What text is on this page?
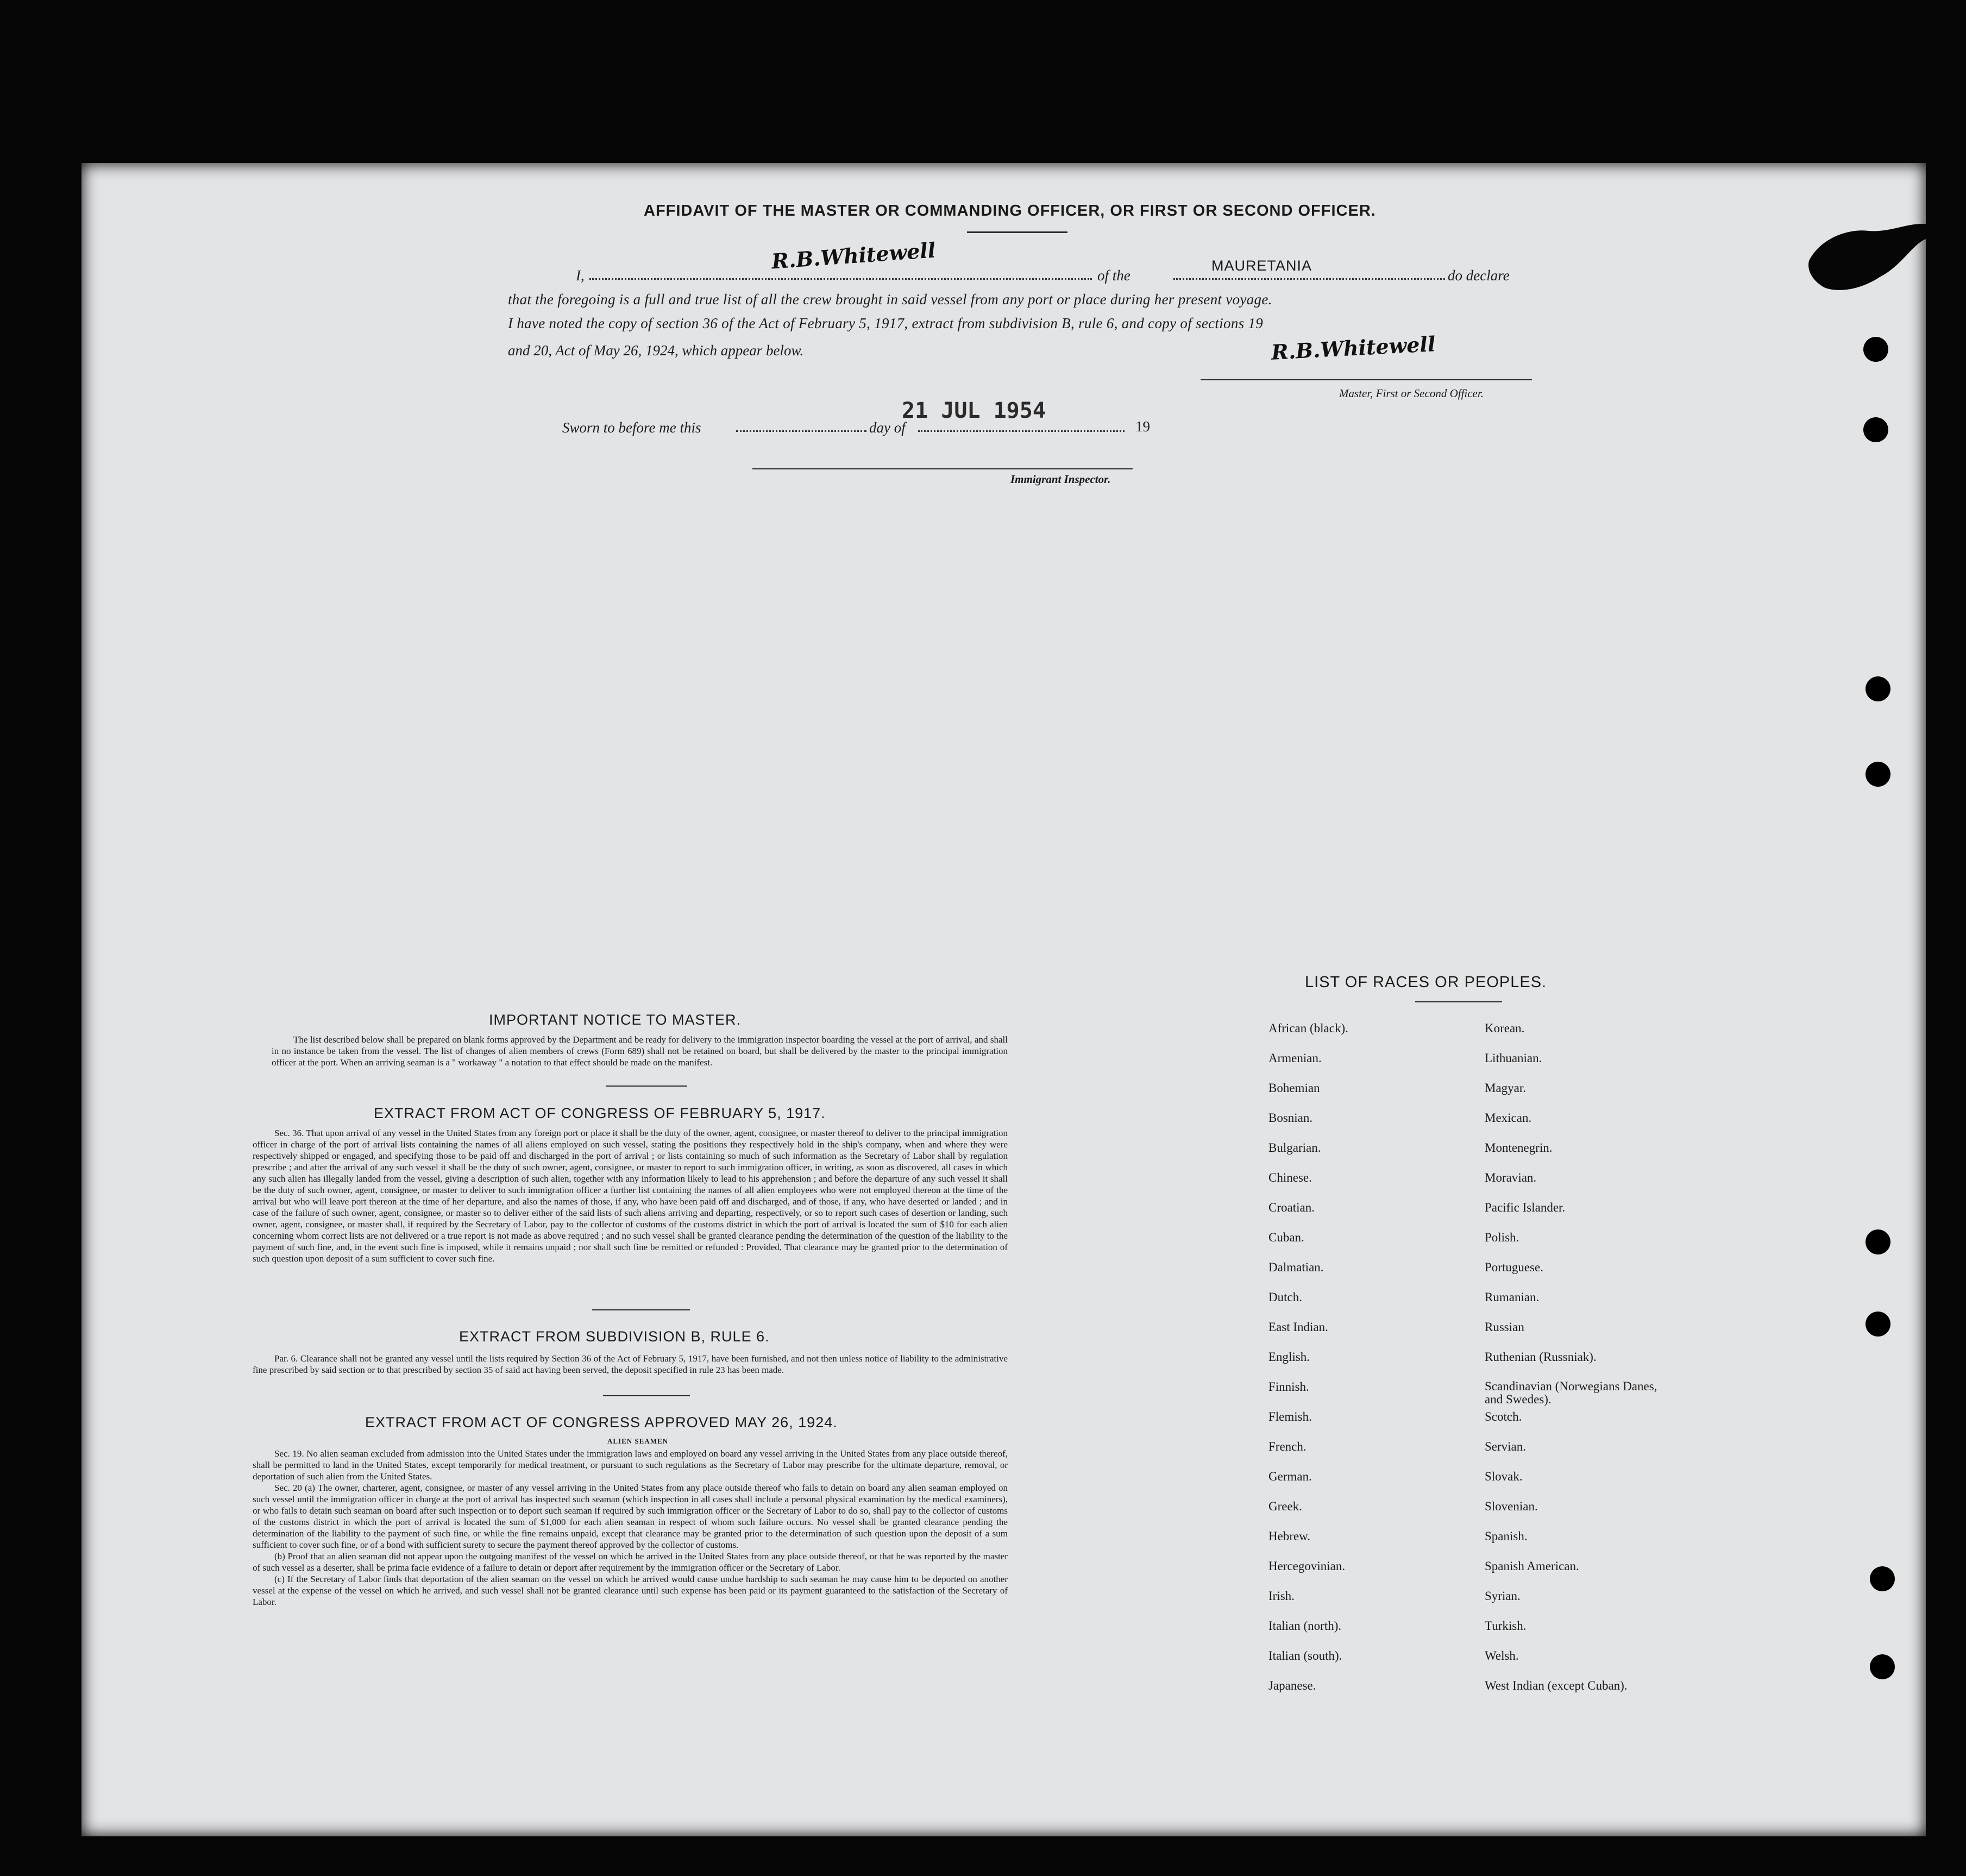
AFFIDAVIT OF THE MASTER OR COMMANDING OFFICER, OR FIRST OR SECOND OFFICER.
I,
R.B.Whitewell
of the
MAURETANIA
do declare
that the foregoing is a full and true list of all the crew brought in said vessel from any port or place during her present voyage.
I have noted the copy of section 36 of the Act of February 5, 1917, extract from subdivision B, rule 6, and copy of sections 19
and 20, Act of May 26, 1924, which appear below.	R.B.Whitewell
Master, First or Second Officer.
Sworn to before me this	day of
21 JUL 1954
19
Immigrant Inspector.
IMPORTANT NOTICE TO MASTER.

The list described below shall be prepared on blank forms approved by the Department and be ready for delivery to the immigration inspector boarding the vessel at the port of arrival, and shall in no instance be taken from the vessel. The list of changes of alien members of crews (Form 689) shall not be retained on board, but shall be delivered by the master to the principal immigration officer at the port. When an arriving seaman is a " workaway " a notation to that effect should be made on the manifest.

EXTRACT FROM ACT OF CONGRESS OF FEBRUARY 5, 1917.

Sec. 36. That upon arrival of any vessel in the United States from any foreign port or place it shall be the duty of the owner, agent, consignee, or master thereof to deliver to the principal immigration officer in charge of the port of arrival lists containing the names of all aliens employed on such vessel, stating the positions they respectively hold in the ship's company, when and where they were respectively shipped or engaged, and specifying those to be paid off and discharged in the port of arrival ; or lists containing so much of such information as the Secretary of Labor shall by regulation prescribe ; and after the arrival of any such vessel it shall be the duty of such owner, agent, consignee, or master to report to such immigration officer, in writing, as soon as discovered, all cases in which any such alien has illegally landed from the vessel, giving a description of such alien, together with any information likely to lead to his apprehension ; and before the departure of any such vessel it shall be the duty of such owner, agent, consignee, or master to deliver to such immigration officer a further list containing the names of all alien employees who were not employed thereon at the time of the arrival but who will leave port thereon at the time of her departure, and also the names of those, if any, who have been paid off and discharged, and of those, if any, who have deserted or landed ; and in case of the failure of such owner, agent, consignee, or master so to deliver either of the said lists of such aliens arriving and departing, respectively, or so to report such cases of desertion or landing, such owner, agent, consignee, or master shall, if required by the Secretary of Labor, pay to the collector of customs of the customs district in which the port of arrival is located the sum of $10 for each alien concerning whom correct lists are not delivered or a true report is not made as above required ; and no such vessel shall be granted clearance pending the determination of the question of the liability to the payment of such fine, and, in the event such fine is imposed, while it remains unpaid ; nor shall such fine be remitted or refunded : Provided, That clearance may be granted prior to the determination of such question upon deposit of a sum sufficient to cover such fine.

EXTRACT FROM SUBDIVISION B, RULE 6.

Par. 6. Clearance shall not be granted any vessel until the lists required by Section 36 of the Act of February 5, 1917, have been furnished, and not then unless notice of liability to the administrative fine prescribed by said section or to that prescribed by section 35 of said act having been served, the deposit specified in rule 23 has been made.

EXTRACT FROM ACT OF CONGRESS APPROVED MAY 26, 1924.
ALIEN SEAMEN

Sec. 19. No alien seaman excluded from admission into the United States under the immigration laws and employed on board any vessel arriving in the United States from any place outside thereof, shall be permitted to land in the United States, except temporarily for medical treatment, or pursuant to such regulations as the Secretary of Labor may prescribe for the ultimate departure, removal, or deportation of such alien from the United States.

Sec. 20 (a) The owner, charterer, agent, consignee, or master of any vessel arriving in the United States from any place outside thereof who fails to detain on board any alien seaman employed on such vessel until the immigration officer in charge at the port of arrival has inspected such seaman (which inspection in all cases shall include a personal physical examination by the medical examiners), or who fails to detain such seaman on board after such inspection or to deport such seaman if required by such immigration officer or the Secretary of Labor to do so, shall pay to the collector of customs of the customs district in which the port of arrival is located the sum of $1,000 for each alien seaman in respect of whom such failure occurs. No vessel shall be granted clearance pending the determination of the liability to the payment of such fine, or while the fine remains unpaid, except that clearance may be granted prior to the determination of such question upon the deposit of a sum sufficient to cover such fine, or of a bond with sufficient surety to secure the payment thereof approved by the collector of customs.

(b) Proof that an alien seaman did not appear upon the outgoing manifest of the vessel on which he arrived in the United States from any place outside thereof, or that he was reported by the master of such vessel as a deserter, shall be prima facie evidence of a failure to detain or deport after requirement by the immigration officer or the Secretary of Labor.

(c) If the Secretary of Labor finds that deportation of the alien seaman on the vessel on which he arrived would cause undue hardship to such seaman he may cause him to be deported on another vessel at the expense of the vessel on which he arrived, and such vessel shall not be granted clearance until such expense has been paid or its payment guaranteed to the satisfaction of the Secretary of Labor.

LIST OF RACES OR PEOPLES.
African (black).
Armenian.
Bohemian
Bosnian.
Bulgarian.
Chinese.
Croatian.
Cuban.
Dalmatian.
Dutch.
East Indian.
English.
Finnish.
Flemish.
French.
German.
Greek.
Hebrew.
Hercegovinian.
Irish.
Italian (north).
Italian (south).
Japanese.
Korean.
Lithuanian.
Magyar.
Mexican.
Montenegrin.
Moravian.
Pacific Islander.
Polish.
Portuguese.
Rumanian.
Russian
Ruthenian (Russniak).
Scandinavian (Norwegians Danes, and Swedes).
Scotch.
Servian.
Slovak.
Slovenian.
Spanish.
Spanish American.
Syrian.
Turkish.
Welsh.
West Indian (except Cuban).
